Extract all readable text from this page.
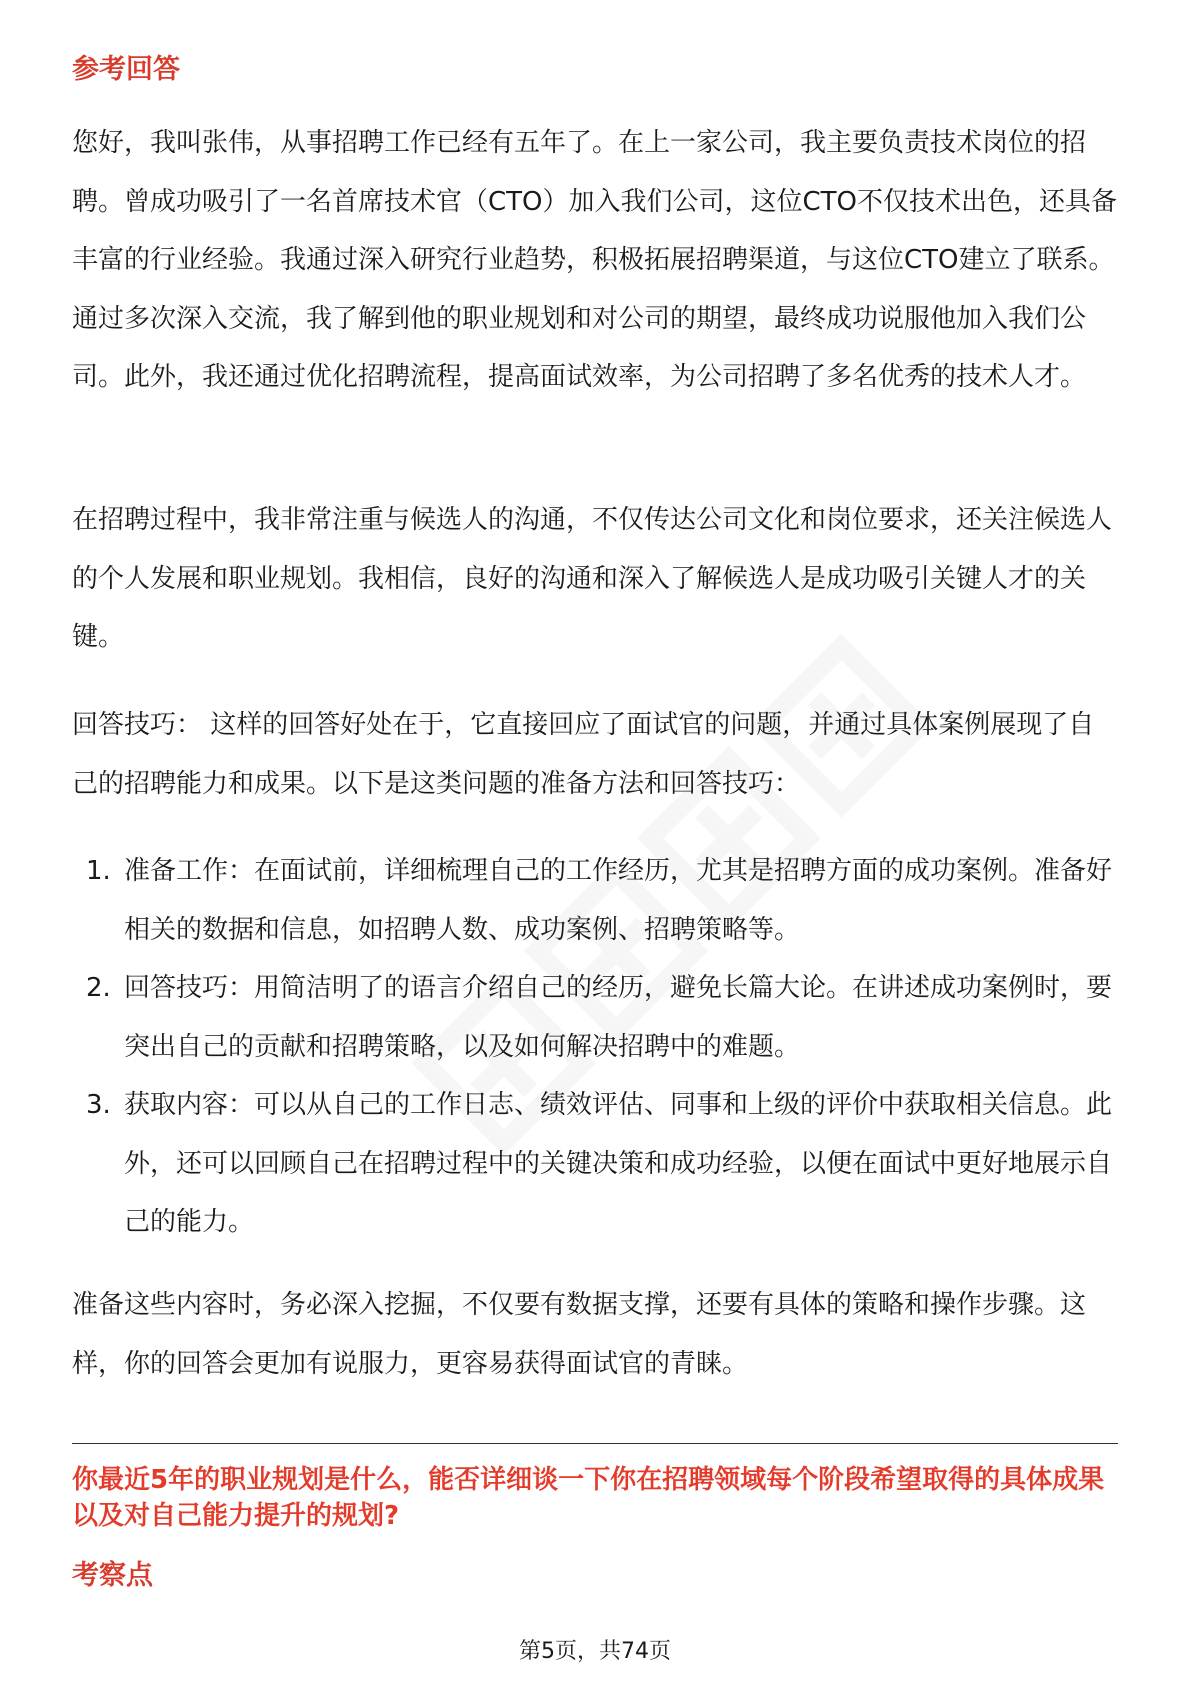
参考回答

您好，我叫张伟，从事招聘工作已经有五年了。在上一家公司，我主要负责技术岗位的招聘。曾成功吸引了一名首席技术官（CTO）加入我们公司，这位CTO不仅技术出色，还具备丰富的行业经验。我通过深入研究行业趋势，积极拓展招聘渠道，与这位CTO建立了联系。通过多次深入交流，我了解到他的职业规划和对公司的期望，最终成功说服他加入我们公司。此外，我还通过优化招聘流程，提高面试效率，为公司招聘了多名优秀的技术人才。

在招聘过程中，我非常注重与候选人的沟通，不仅传达公司文化和岗位要求，还关注候选人的个人发展和职业规划。我相信，良好的沟通和深入了解候选人是成功吸引关键人才的关键。

回答技巧： 这样的回答好处在于，它直接回应了面试官的问题，并通过具体案例展现了自己的招聘能力和成果。以下是这类问题的准备方法和回答技巧：

1. 准备工作：在面试前，详细梳理自己的工作经历，尤其是招聘方面的成功案例。准备好相关的数据和信息，如招聘人数、成功案例、招聘策略等。
2. 回答技巧：用简洁明了的语言介绍自己的经历，避免长篇大论。在讲述成功案例时，要突出自己的贡献和招聘策略，以及如何解决招聘中的难题。
3. 获取内容：可以从自己的工作日志、绩效评估、同事和上级的评价中获取相关信息。此外，还可以回顾自己在招聘过程中的关键决策和成功经验，以便在面试中更好地展示自己的能力。

准备这些内容时，务必深入挖掘，不仅要有数据支撑，还要有具体的策略和操作步骤。这样，你的回答会更加有说服力，更容易获得面试官的青睐。

你最近5年的职业规划是什么，能否详细谈一下你在招聘领域每个阶段希望取得的具体成果以及对自己能力提升的规划?
考察点
第5页，共74页
